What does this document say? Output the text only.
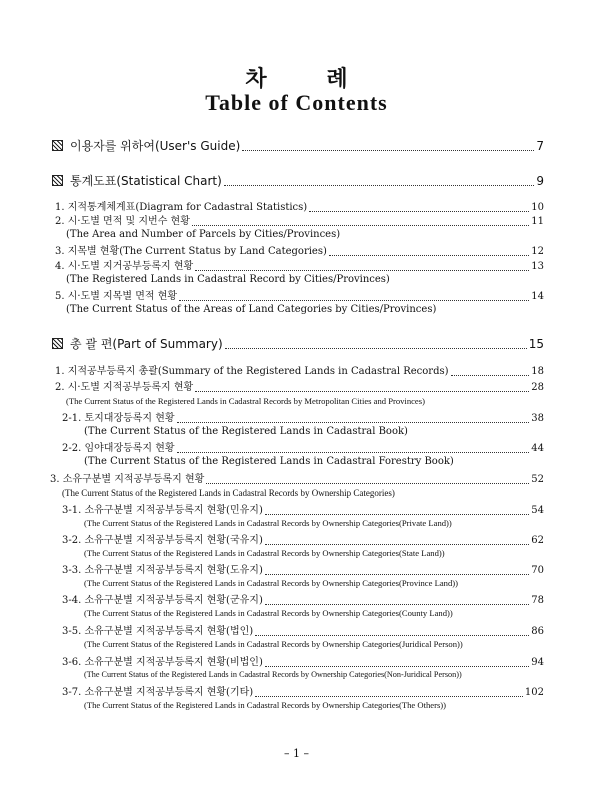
차 례
Table of Contents
이용자를 위하여(User's Guide)	7
통계도표(Statistical Chart)	9
1. 지적통계체계표(Diagram for Cadastral Statistics)	10
2. 시·도별 면적 및 지번수 현황	11
(The Area and Number of Parcels by Cities/Provinces)
3. 지목별 현황(The Current Status by Land Categories)	12
4. 시·도별 지거공부등록지 현황	13
(The Registered Lands in Cadastral Record by Cities/Provinces)
5. 시·도별 지목별 면적 현황	14
(The Current Status of the Areas of Land Categories by Cities/Provinces)
총 괄 편(Part of Summary)	15
1. 지적공부등록지 총괄(Summary of the Registered Lands in Cadastral Records)	18
2. 시·도별 지적공부등록지 현황	28
(The Current Status of the Registered Lands in Cadastral Records by Metropolitan Cities and Provinces)
2-1. 토지대장등록지 현황	38
(The Current Status of the Registered Lands in Cadastral Book)
2-2. 임야대장등록지 현황	44
(The Current Status of the Registered Lands in Cadastral Forestry Book)
3. 소유구분별 지적공부등록지 현황	52
(The Current Status of the Registered Lands in Cadastral Records by Ownership Categories)
3-1. 소유구분별 지적공부등록지 현황(민유지)	54
(The Current Status of the Registered Lands in Cadastral Records by Ownership Categories(Private Land))
3-2. 소유구분별 지적공부등록지 현황(국유지)	62
(The Current Status of the Registered Lands in Cadastral Records by Ownership Categories(State Land))
3-3. 소유구분별 지적공부등록지 현황(도유지)	70
(The Current Status of the Registered Lands in Cadastral Records by Ownership Categories(Province Land))
3-4. 소유구분별 지적공부등록지 현황(군유지)	78
(The Current Status of the Registered Lands in Cadastral Records by Ownership Categories(County Land))
3-5. 소유구분별 지적공부등록지 현황(법인)	86
(The Current Status of the Registered Lands in Cadastral Records by Ownership Categories(Juridical Person))
3-6. 소유구분별 지적공부등록지 현황(비법인)	94
(The Current Status of the Registered Lands in Cadastral Records by Ownership Categories(Non-Juridical Person))
3-7. 소유구분별 지적공부등록지 현황(기타)	102
(The Current Status of the Registered Lands in Cadastral Records by Ownership Categories(The Others))
– 1 –
